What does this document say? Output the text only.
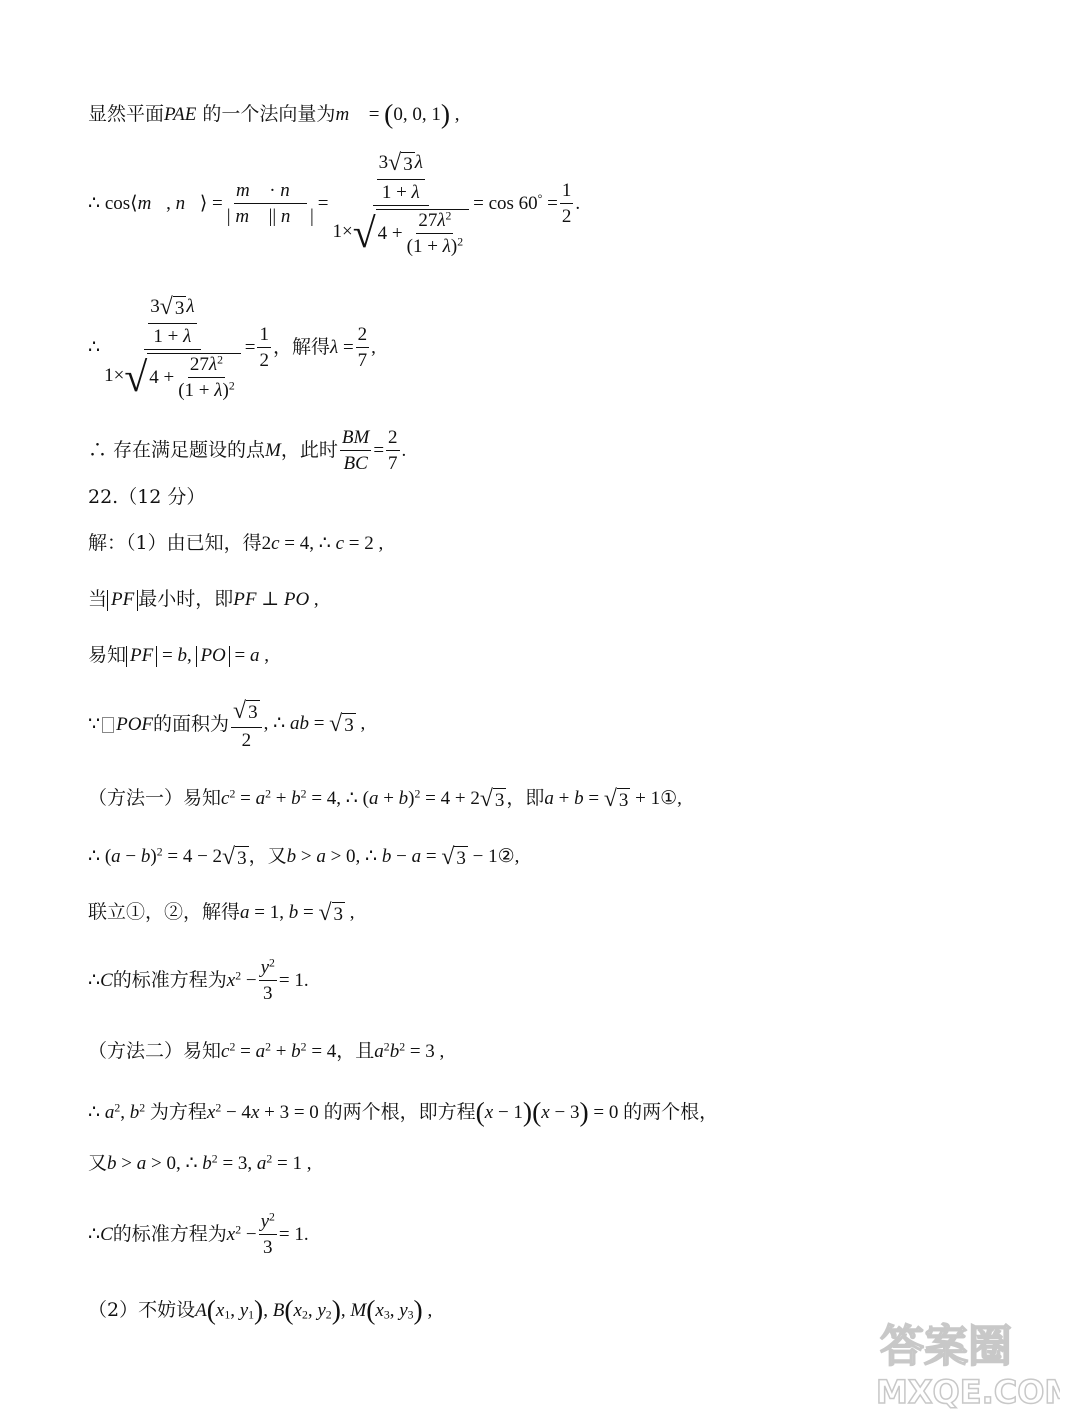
显然平面PAE 的一个法向量为m⃗ = (0, 0, 1) ,
∴ cos⟨m⃗, n⃗⟩ = $\frac{m⃗ \cdot n⃗}{| m⃗ || n⃗ |} = \frac{\frac{3 √ 3 \lambda}{1 + \lambda}}{1\times √ 4 + \frac{27\lambda^2}{(1 + \lambda)^2}} = \cos 60^\circ = \frac{1}{2}$ .
∴ $\frac{\frac{3 √ 3 \lambda}{1 + \lambda}}{1\times √ 4 + \frac{27\lambda^2}{(1 + \lambda)^2}} = \frac{1}{2}$ ，解得 $\lambda = \frac{2}{7}$ ,
∴ 存在满足题设的点 M ，此时 $\frac{BM}{BC} = \frac{2}{7}$ .
22.（12 分）
解：（1）由已知，得2c = 4, ∴ c = 2 ,
当 PF 最小时，即PF ⊥ PO ,
易知 PF = b, PO = a ,
∵ POF 的面积为 $\frac{√ 3}{2}$ , ∴ ab = √ 3 ,
（方法一）易知$c^2 = a^2 + b^2 = 4$, ∴ $(a + b)^2 = 4 + 2$ √ 3 ，即a + b = √ 3 + 1①,
∴ $(a - b)^2 = 4 - 2$ √ 3 ，又b > a > 0, ∴ b − a = √ 3 − 1②,
联立①，②，解得a = 1, b = √ 3 ,
∴ C 的标准方程为 $x^2 - \frac{y^2}{3} = 1$.
（方法二）易知$c^2 = a^2 + b^2 = 4$，且$a^2b^2 = 3$ ,
∴ $a^2$, $b^2$ 为方程$x^2 - 4x + 3 = 0$ 的两个根，即方程(x − 1)(x − 3) = 0 的两个根，
又b > a > 0, ∴ $b^2 = 3$, $a^2 = 1$ ,
∴ C 的标准方程为 $x^2 - \frac{y^2}{3} = 1$.
（2）不妨设$A(x_1$, $y_1$), $B(x_2$, $y_2$), $M(x_3$, $y_3$) ,
答案圈
MXQE.COM
